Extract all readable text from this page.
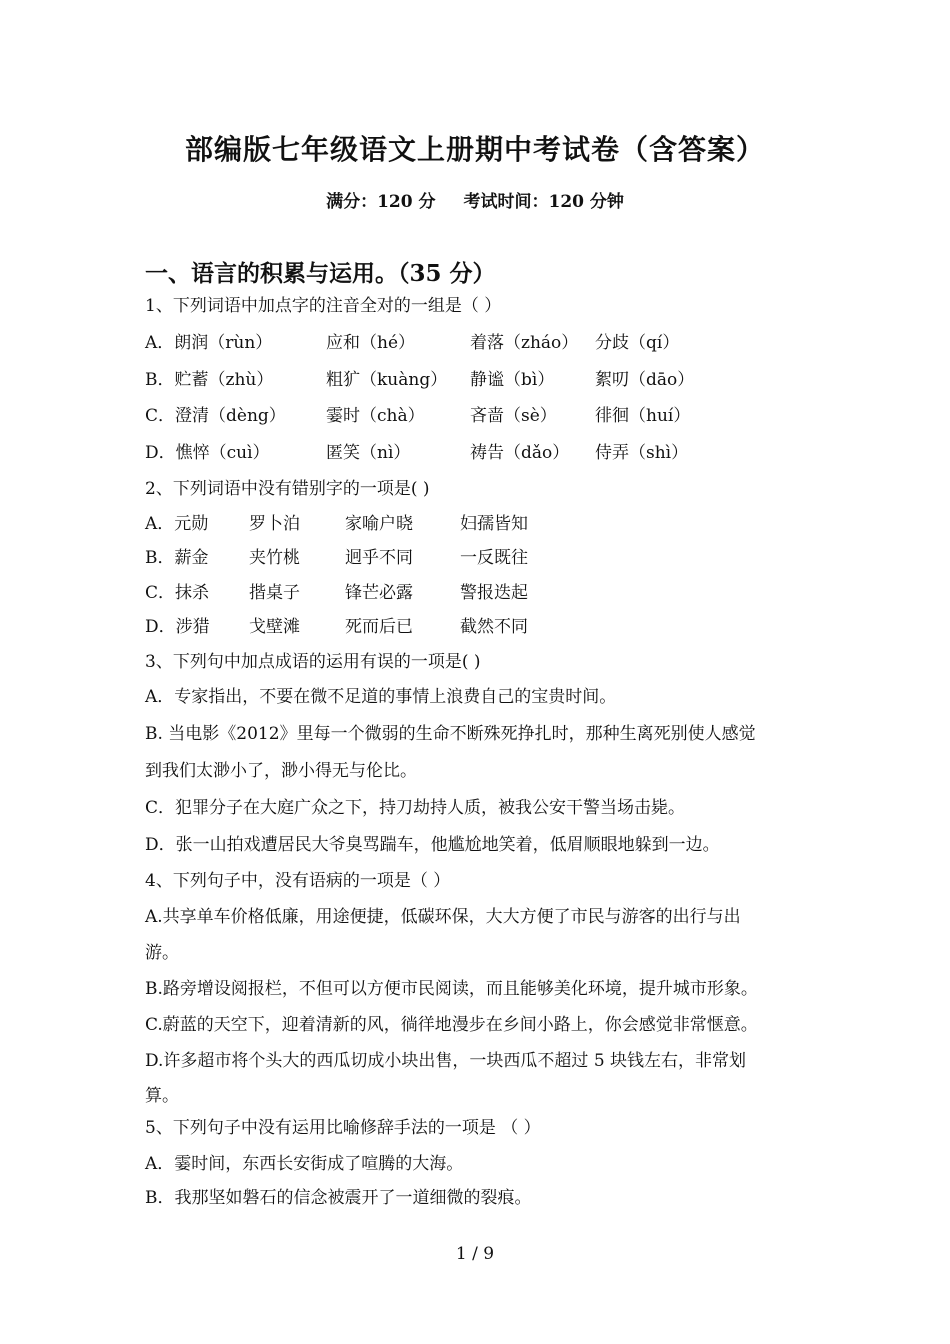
部编版七年级语文上册期中考试卷（含答案）
满分：120 分 考试时间：120 分钟
一、语言的积累与运用。（35 分）
1、下列词语中加点字的注音全对的一组是（ ）
A．朗润（rùn）	应和（hé）	着落（zháo） 分歧（qí）
B．贮蓄（zhù）	粗犷（kuàng） 静谧（bì） 絮叨（dāo）
C．澄清（dèng） 霎时（chà）	吝啬（sè） 徘徊（huí）
D．憔悴（cuì）	匿笑（nì）	祷告（dǎo） 侍弄（shì）
2、下列词语中没有错别字的一项是( )
A．元勋 罗卜泊	家喻户晓	妇孺皆知
B．薪金 夹竹桃	迥乎不同	一反既往
C．抹杀 揩桌子	锋芒必露	警报迭起
D．涉猎 戈壁滩	死而后已	截然不同
3、下列句中加点成语的运用有误的一项是( )
A．专家指出，不要在微不足道的事情上浪费自己的宝贵时间。
B. 当电影《2012》里每一个微弱的生命不断殊死挣扎时，那种生离死别使人感觉
到我们太渺小了，渺小得无与伦比。
C．犯罪分子在大庭广众之下，持刀劫持人质，被我公安干警当场击毙。
D．张一山拍戏遭居民大爷臭骂踹车，他尴尬地笑着，低眉顺眼地躲到一边。
4、下列句子中，没有语病的一项是（ ）
A.共享单车价格低廉，用途便捷，低碳环保，大大方便了市民与游客的出行与出
游。
B.路旁增设阅报栏，不但可以方便市民阅读，而且能够美化环境，提升城市形象。
C.蔚蓝的天空下，迎着清新的风，徜徉地漫步在乡间小路上，你会感觉非常惬意。
D.许多超市将个头大的西瓜切成小块出售，一块西瓜不超过 5 块钱左右，非常划
算。
5、下列句子中没有运用比喻修辞手法的一项是 （ ）
A．霎时间，东西长安街成了喧腾的大海。
B．我那坚如磐石的信念被震开了一道细微的裂痕。
1 / 9
